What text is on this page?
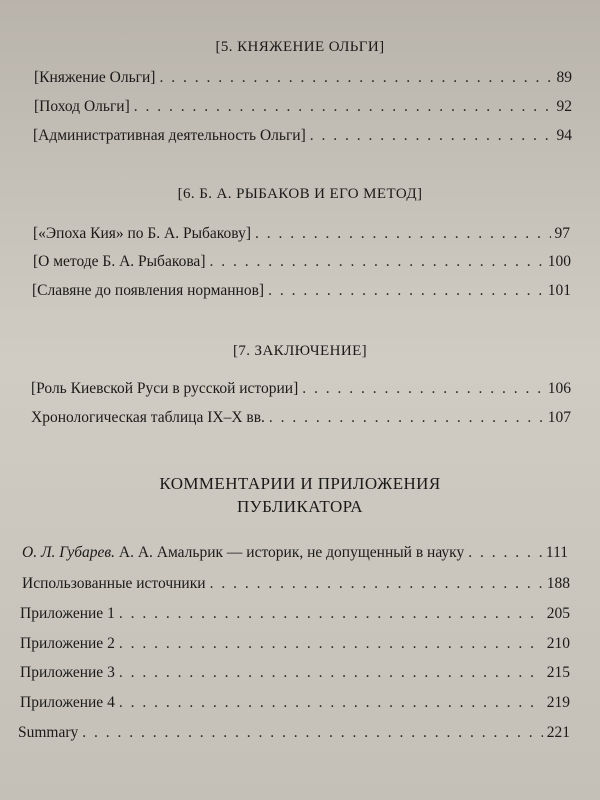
[5. КНЯЖЕНИЕ ОЛЬГИ]
[Княжение Ольги] . . .	89
[Поход Ольги] . . .	92
[Административная деятельность Ольги] . . .	94
[6. Б. А. РЫБАКОВ И ЕГО МЕТОД]
[«Эпоха Кия» по Б. А. Рыбакову] . . .	97
[О методе Б. А. Рыбакова] . . .	100
[Славяне до появления норманнов] . . .	101
[7. ЗАКЛЮЧЕНИЕ]
[Роль Киевской Руси в русской истории] . . .	106
Хронологическая таблица IX–X вв. . . .	107
КОММЕНТАРИИ И ПРИЛОЖЕНИЯ
ПУБЛИКАТОРА
О. Л. Губарев. А. А. Амальрик — историк, не допущенный в науку . . .	111
Использованные источники . . .	188
Приложение 1 . . .	205
Приложение 2 . . .	210
Приложение 3 . . .	215
Приложение 4 . . .	219
Summary . . .	221
